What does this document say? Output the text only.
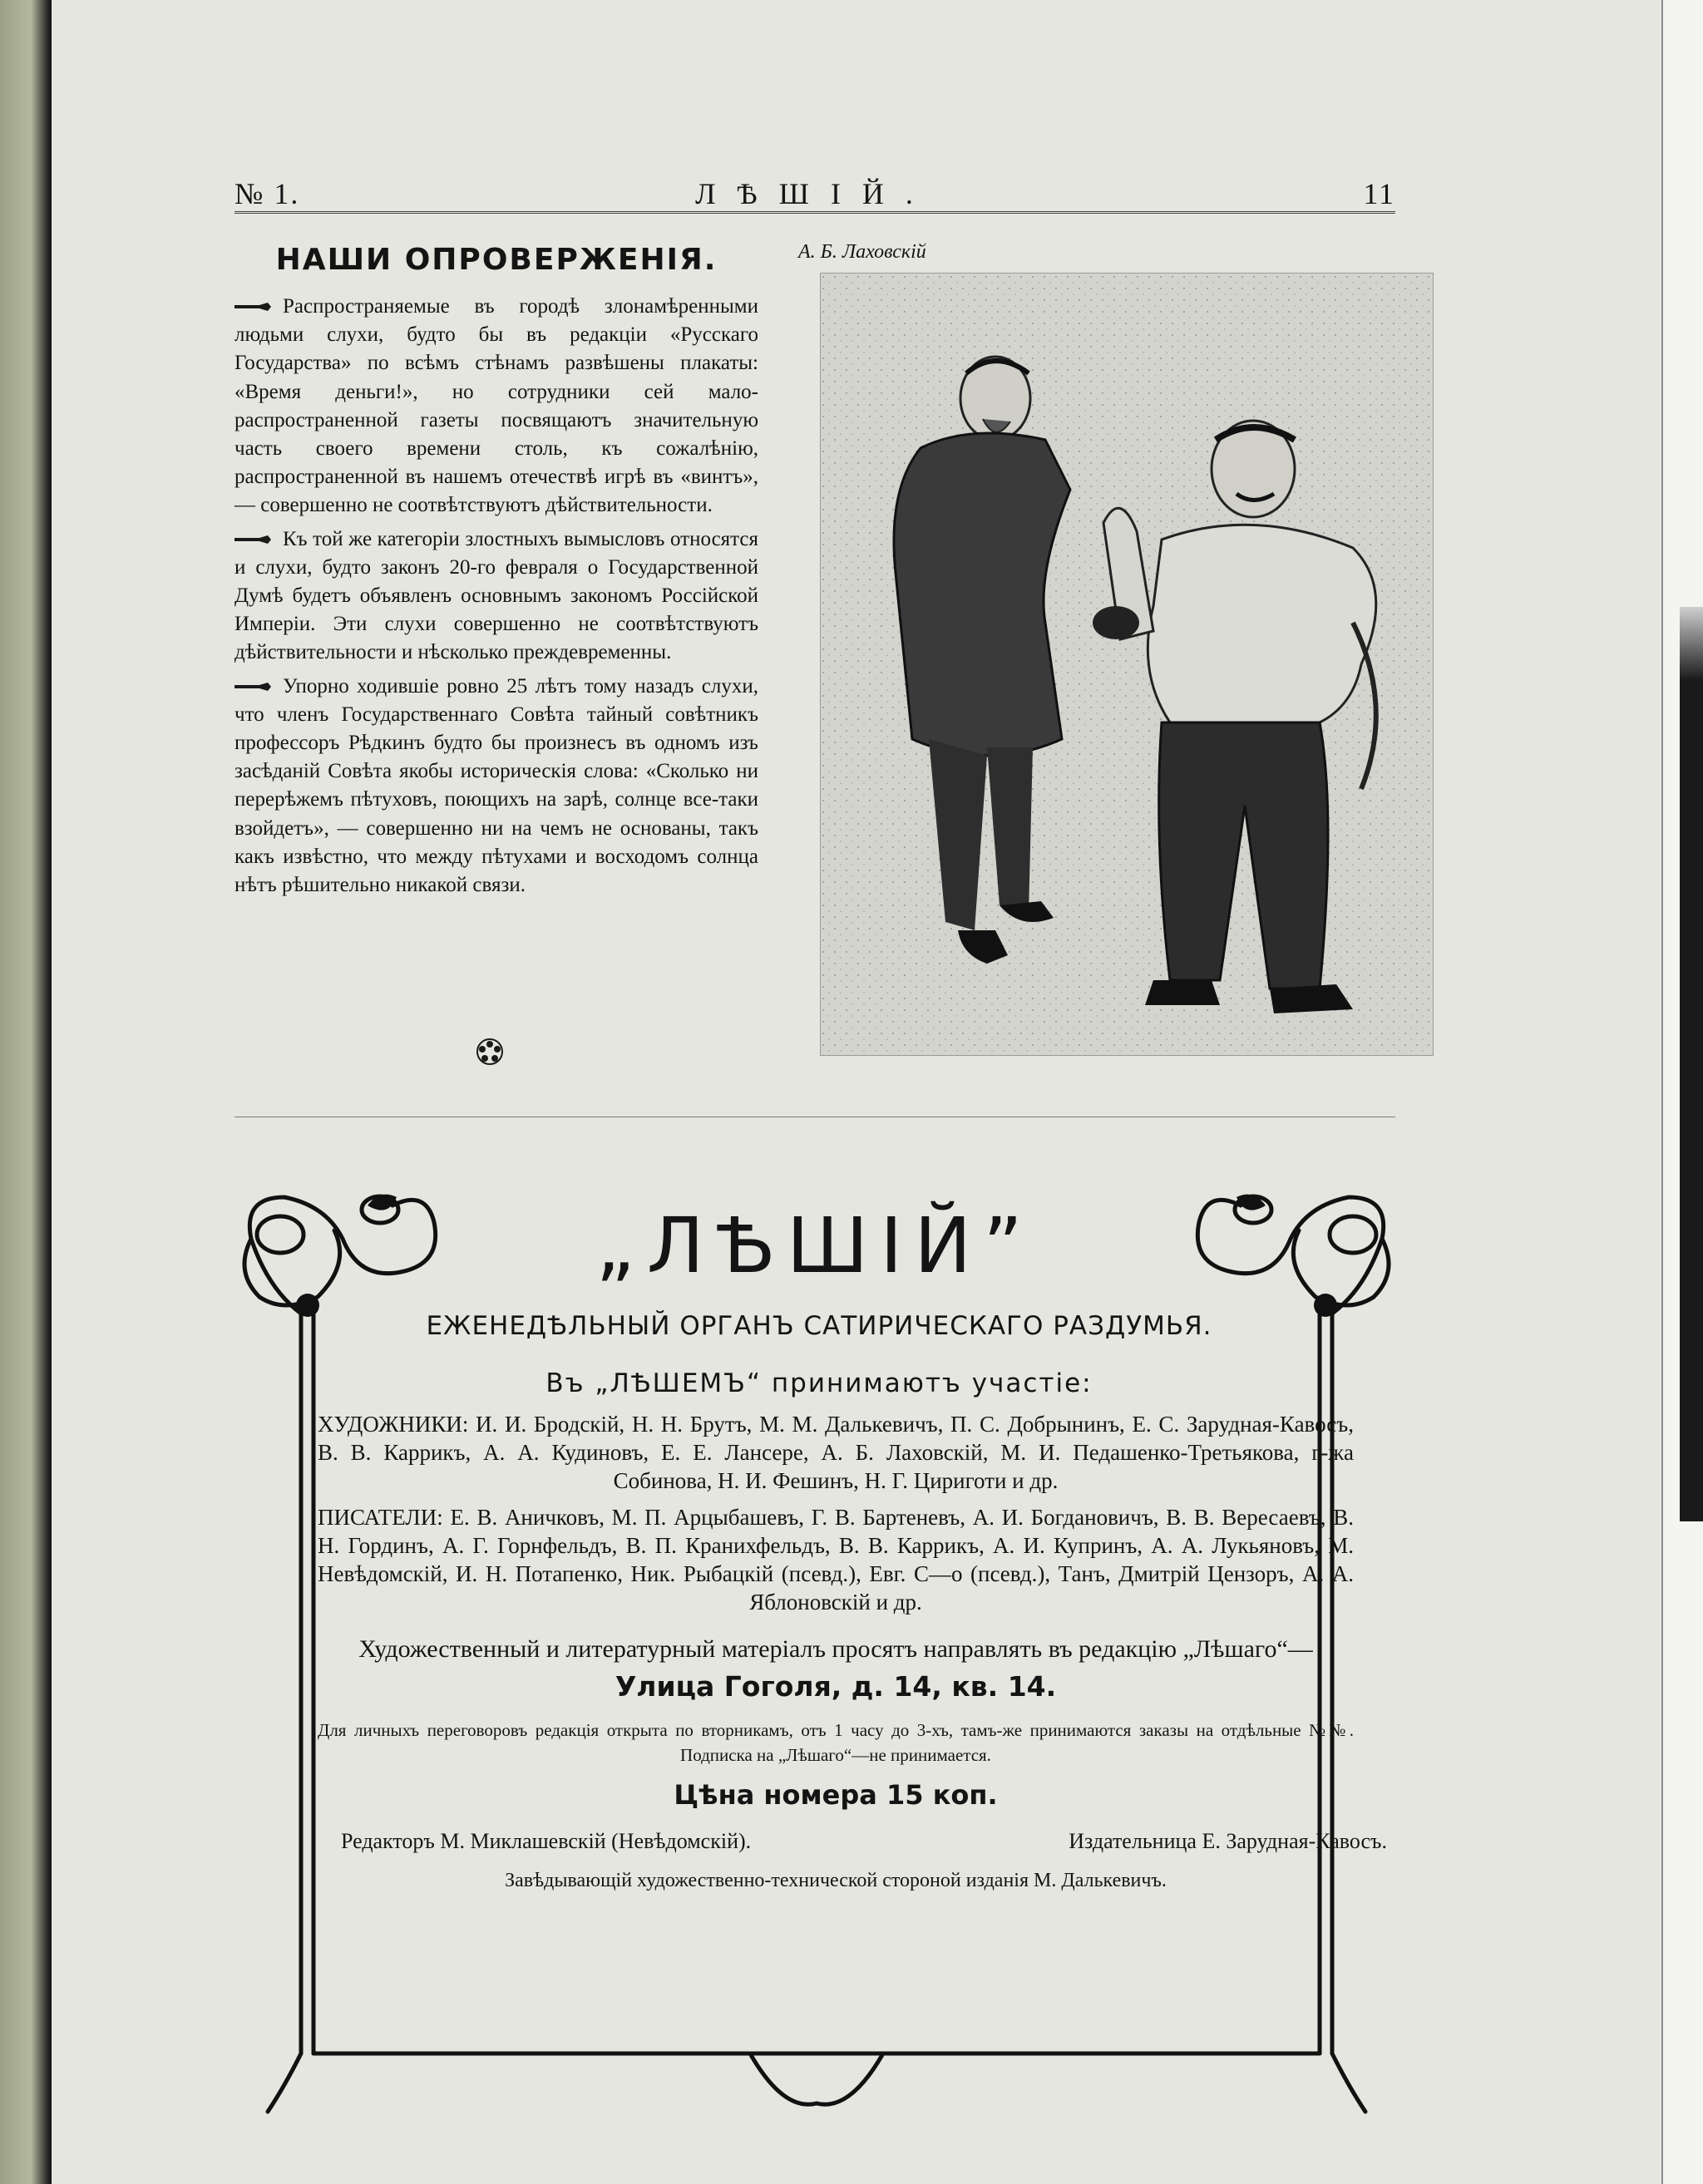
№ 1.	ЛѢШІЙ.	11
НАШИ ОПРОВЕРЖЕНІЯ.

Распространяемые въ городѣ злонамѣренными людьми слухи, будто бы въ редакціи «Русскаго Государства» по всѣмъ стѣнамъ развѣшены плакаты: «Время деньги!», но сотрудники сей мало-распространенной газеты посвящаютъ значительную часть своего времени столь, къ сожалѣнію, распространенной въ нашемъ отечествѣ игрѣ въ «винтъ», — совершенно не соотвѣтствуютъ дѣйствительности.

Къ той же категоріи злостныхъ вымысловъ относятся и слухи, будто законъ 20-го февраля о Государственной Думѣ будетъ объявленъ основнымъ закономъ Россійской Имперіи. Эти слухи совершенно не соотвѣтствуютъ дѣйствительности и нѣсколько преждевременны.

Упорно ходившіе ровно 25 лѣтъ тому назадъ слухи, что членъ Государственнаго Совѣта тайный совѣтникъ профессоръ Рѣдкинъ будто бы произнесъ въ одномъ изъ засѣданій Совѣта якобы историческія слова: «Сколько ни перерѣжемъ пѣтуховъ, поющихъ на зарѣ, солнце все-таки взойдетъ», — совершенно ни на чемъ не основаны, такъ какъ извѣстно, что между пѣтухами и восходомъ солнца нѣтъ рѣшительно никакой связи.

А. Б. Лаховскій
„ЛѢШІЙ”
ЕЖЕНЕДѢЛЬНЫЙ ОРГАНЪ САТИРИЧЕСКАГО РАЗДУМЬЯ.
Въ „ЛѢШЕМЪ“ принимаютъ участіе:
ХУДОЖНИКИ: И. И. Бродскій, Н. Н. Брутъ, М. М. Далькевичъ, П. С. Добрынинъ, Е. С. Зарудная-Кавосъ, В. В. Каррикъ, А. А. Кудиновъ, Е. Е. Лансере, А. Б. Лаховскій, М. И. Педашенко-Третьякова, г-жа Собинова, Н. И. Фешинъ, Н. Г. Цириготи и др.
ПИСАТЕЛИ: Е. В. Аничковъ, М. П. Арцыбашевъ, Г. В. Бартеневъ, А. И. Богдановичъ, В. В. Вересаевъ, В. Н. Гординъ, А. Г. Горнфельдъ, В. П. Кранихфельдъ, В. В. Каррикъ, А. И. Купринъ, А. А. Лукьяновъ, М. Невѣдомскій, И. Н. Потапенко, Ник. Рыбацкій (псевд.), Евг. С—о (псевд.), Танъ, Дмитрій Цензоръ, А. А. Яблоновскій и др.
Художественный и литературный матеріалъ просятъ направлять въ редакцію „Лѣшаго“—
Улица Гоголя, д. 14, кв. 14.
Для личныхъ переговоровъ редакція открыта по вторникамъ, отъ 1 часу до 3-хъ, тамъ-же принимаются заказы на отдѣльные №№. Подписка на „Лѣшаго“—не принимается.
Цѣна номера 15 коп.
Редакторъ М. Миклашевскій (Невѣдомскій).	Издательница Е. Зарудная-Кавосъ.
Завѣдывающій художественно-технической стороной изданія М. Далькевичъ.
